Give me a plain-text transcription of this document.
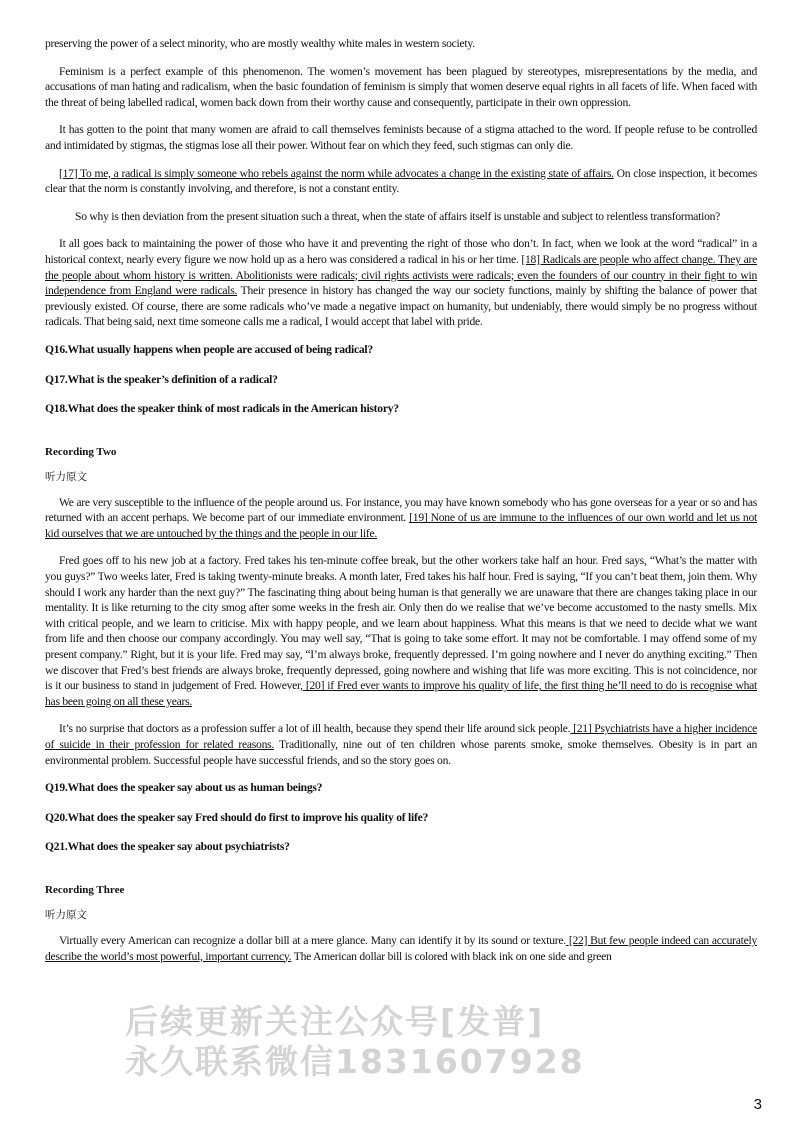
preserving the power of a select minority, who are mostly wealthy white males in western society.

Feminism is a perfect example of this phenomenon. The women’s movement has been plagued by stereotypes, misrepresentations by the media, and accusations of man hating and radicalism, when the basic foundation of feminism is simply that women deserve equal rights in all facets of life. When faced with the threat of being labelled radical, women back down from their worthy cause and consequently, participate in their own oppression.

It has gotten to the point that many women are afraid to call themselves feminists because of a stigma attached to the word. If people refuse to be controlled and intimidated by stigmas, the stigmas lose all their power. Without fear on which they feed, such stigmas can only die.

[17] To me, a radical is simply someone who rebels against the norm while advocates a change in the existing state of affairs. On close inspection, it becomes clear that the norm is constantly involving, and therefore, is not a constant entity.

So why is then deviation from the present situation such a threat, when the state of affairs itself is unstable and subject to relentless transformation?

It all goes back to maintaining the power of those who have it and preventing the right of those who don’t. In fact, when we look at the word “radical” in a historical context, nearly every figure we now hold up as a hero was considered a radical in his or her time. [18] Radicals are people who affect change. They are the people about whom history is written. Abolitionists were radicals; civil rights activists were radicals; even the founders of our country in their fight to win independence from England were radicals. Their presence in history has changed the way our society functions, mainly by shifting the balance of power that previously existed. Of course, there are some radicals who’ve made a negative impact on humanity, but undeniably, there would simply be no progress without radicals. That being said, next time someone calls me a radical, I would accept that label with pride.

Q16.What usually happens when people are accused of being radical?

Q17.What is the speaker’s definition of a radical?

Q18.What does the speaker think of most radicals in the American history?

Recording Two
听力原文

We are very susceptible to the influence of the people around us. For instance, you may have known somebody who has gone overseas for a year or so and has returned with an accent perhaps. We become part of our immediate environment. [19] None of us are immune to the influences of our own world and let us not kid ourselves that we are untouched by the things and the people in our life.

Fred goes off to his new job at a factory. Fred takes his ten-minute coffee break, but the other workers take half an hour. Fred says, “What’s the matter with you guys?” Two weeks later, Fred is taking twenty-minute breaks. A month later, Fred takes his half hour. Fred is saying, “If you can’t beat them, join them. Why should I work any harder than the next guy?” The fascinating thing about being human is that generally we are unaware that there are changes taking place in our mentality. It is like returning to the city smog after some weeks in the fresh air. Only then do we realise that we’ve become accustomed to the nasty smells. Mix with critical people, and we learn to criticise. Mix with happy people, and we learn about happiness. What this means is that we need to decide what we want from life and then choose our company accordingly. You may well say, “That is going to take some effort. It may not be comfortable. I may offend some of my present company.” Right, but it is your life. Fred may say, “I’m always broke, frequently depressed. I’m going nowhere and I never do anything exciting.” Then we discover that Fred’s best friends are always broke, frequently depressed, going nowhere and wishing that life was more exciting. This is not coincidence, nor is it our business to stand in judgement of Fred. However, [20] if Fred ever wants to improve his quality of life, the first thing he’ll need to do is recognise what has been going on all these years.

It’s no surprise that doctors as a profession suffer a lot of ill health, because they spend their life around sick people. [21] Psychiatrists have a higher incidence of suicide in their profession for related reasons. Traditionally, nine out of ten children whose parents smoke, smoke themselves. Obesity is in part an environmental problem. Successful people have successful friends, and so the story goes on.

Q19.What does the speaker say about us as human beings?

Q20.What does the speaker say Fred should do first to improve his quality of life?

Q21.What does the speaker say about psychiatrists?

Recording Three
听力原文

Virtually every American can recognize a dollar bill at a mere glance. Many can identify it by its sound or texture. [22] But few people indeed can accurately describe the world’s most powerful, important currency. The American dollar bill is colored with black ink on one side and green

后续更新关注公众号[发普]
永久联系微信1831607928
3
